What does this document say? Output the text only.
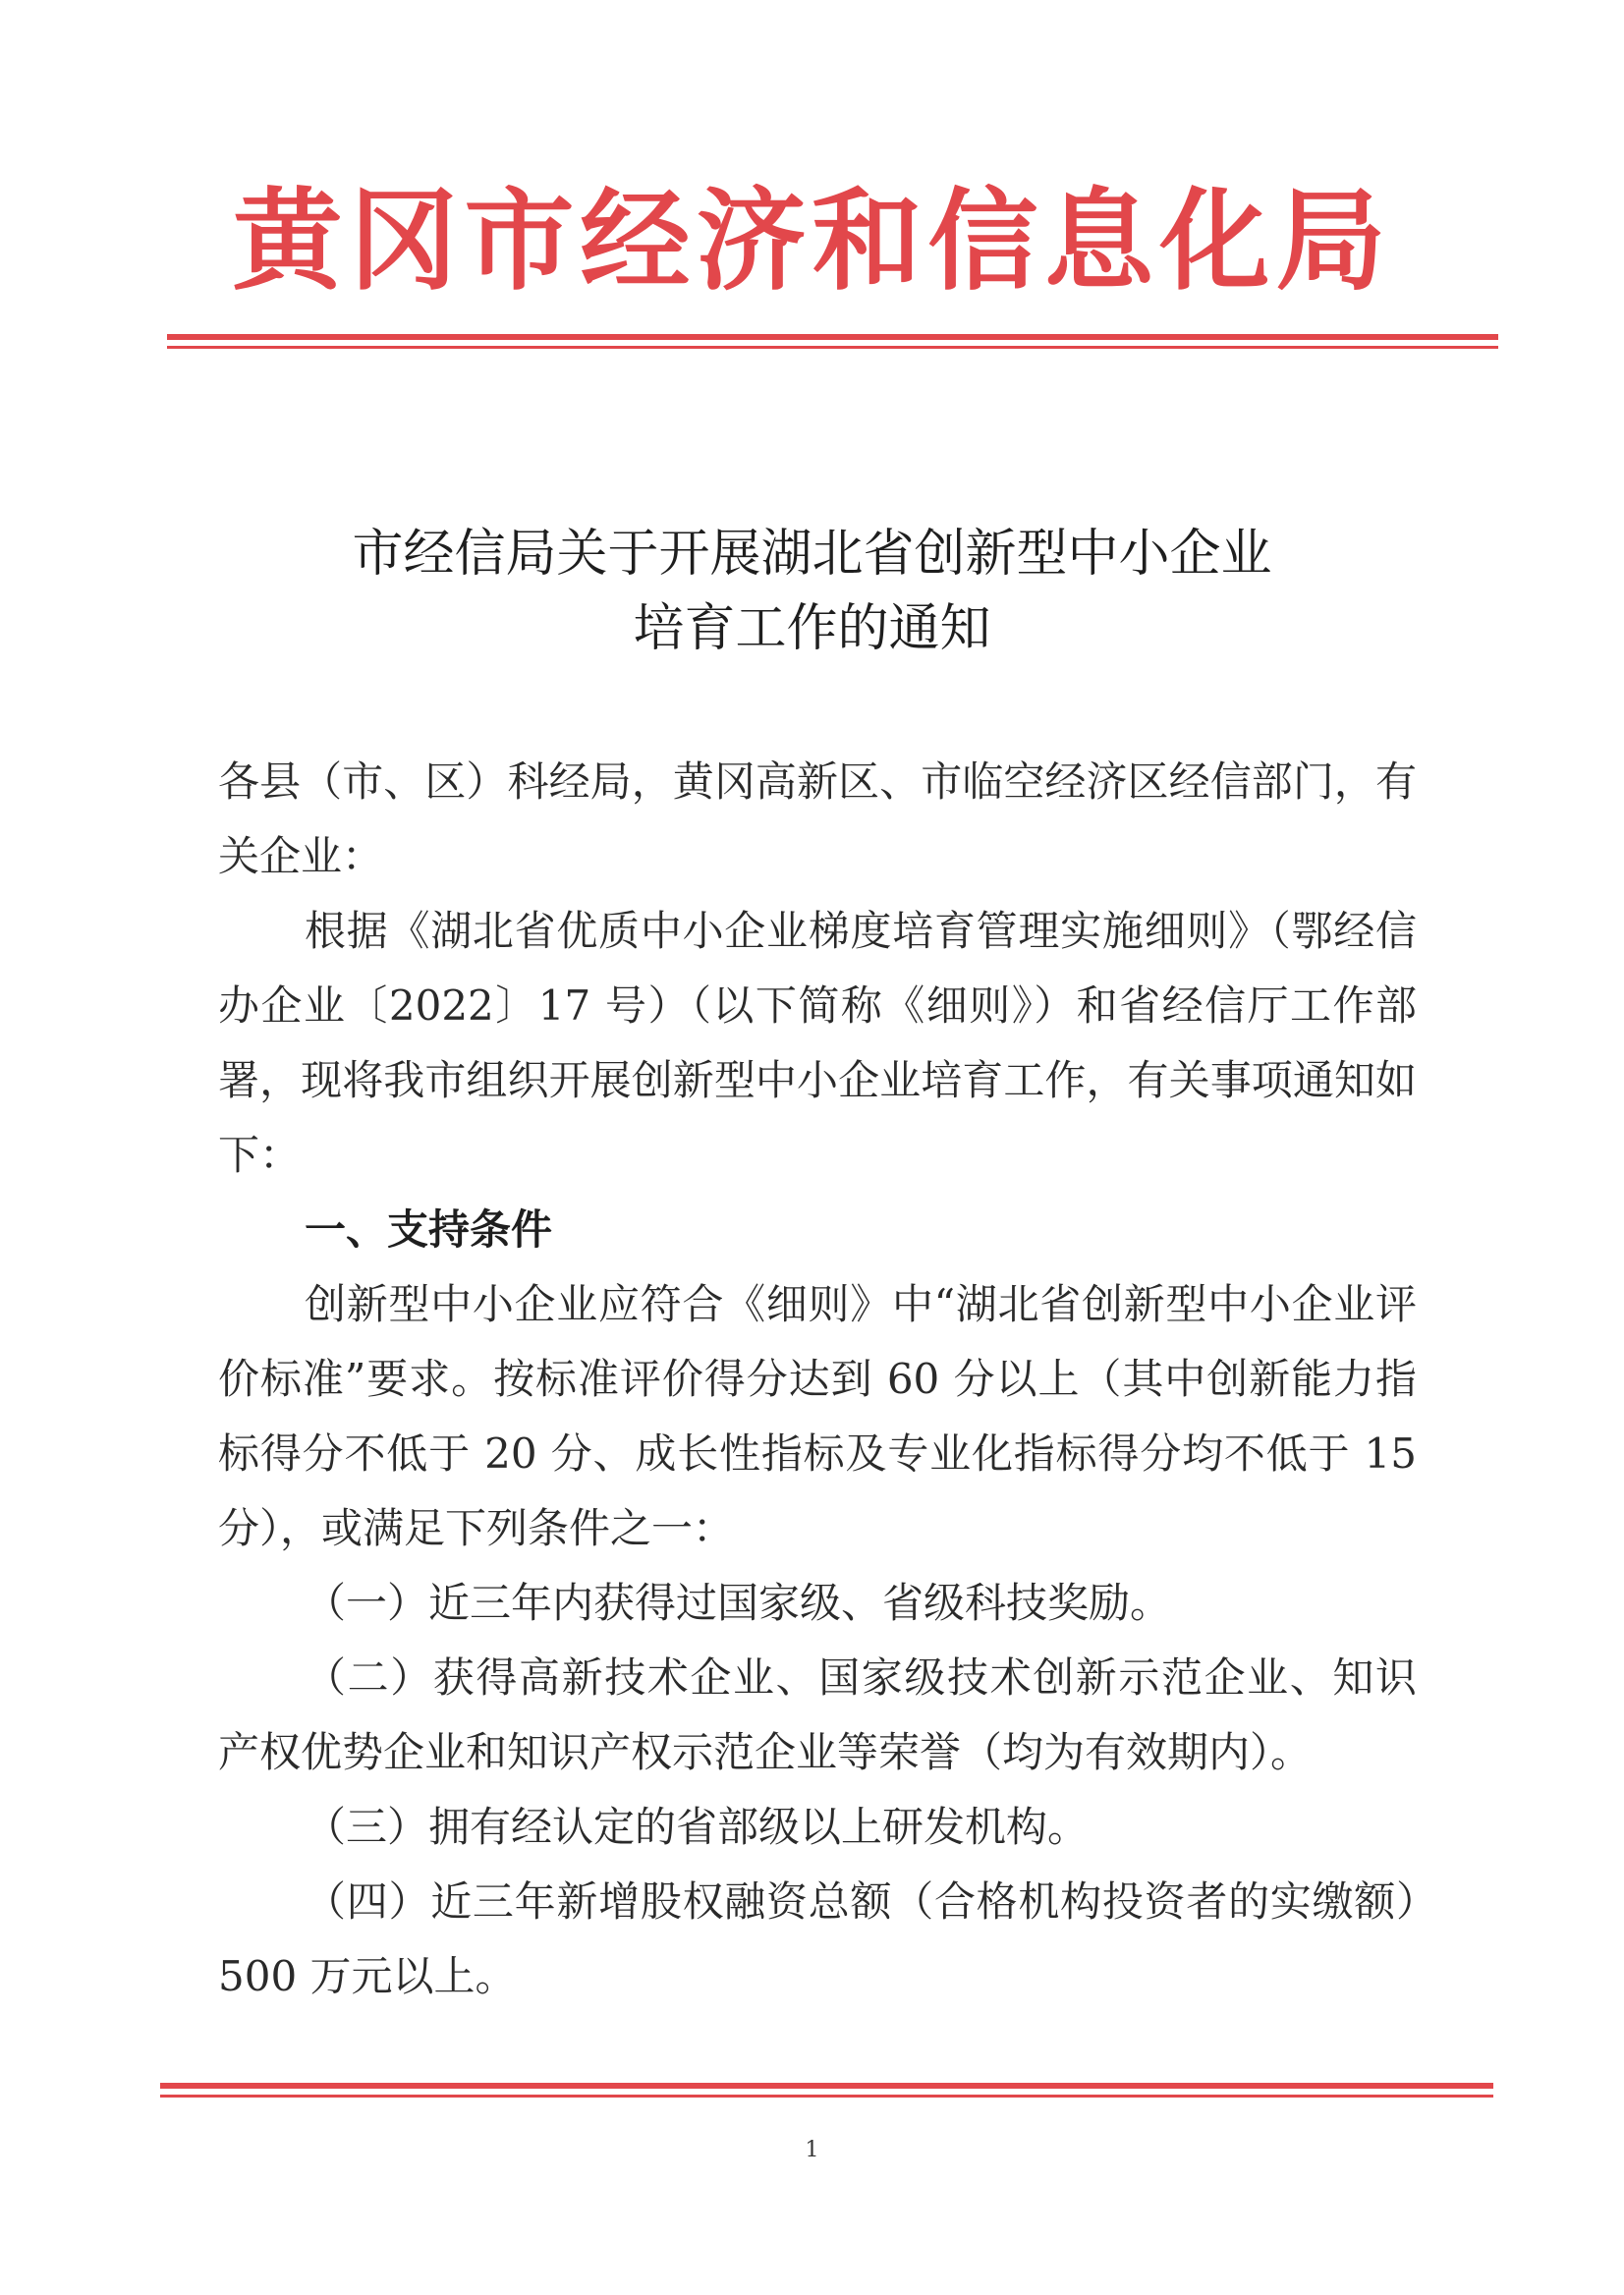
黄冈市经济和信息化局
市经信局关于开展湖北省创新型中小企业
培育工作的通知
各县（市、区）科经局，黄冈高新区、市临空经济区经信部门，有关企业：
根据《湖北省优质中小企业梯度培育管理实施细则》（鄂经信办企业〔2022〕17 号）（以下简称《细则》）和省经信厅工作部署，现将我市组织开展创新型中小企业培育工作，有关事项通知如下：
一、支持条件
创新型中小企业应符合《细则》中“湖北省创新型中小企业评价标准”要求。按标准评价得分达到 60 分以上（其中创新能力指标得分不低于 20 分、成长性指标及专业化指标得分均不低于 15 分），或满足下列条件之一：
（一）近三年内获得过国家级、省级科技奖励。
（二）获得高新技术企业、国家级技术创新示范企业、知识产权优势企业和知识产权示范企业等荣誉（均为有效期内）。
（三）拥有经认定的省部级以上研发机构。
（四）近三年新增股权融资总额（合格机构投资者的实缴额）500 万元以上。
1
